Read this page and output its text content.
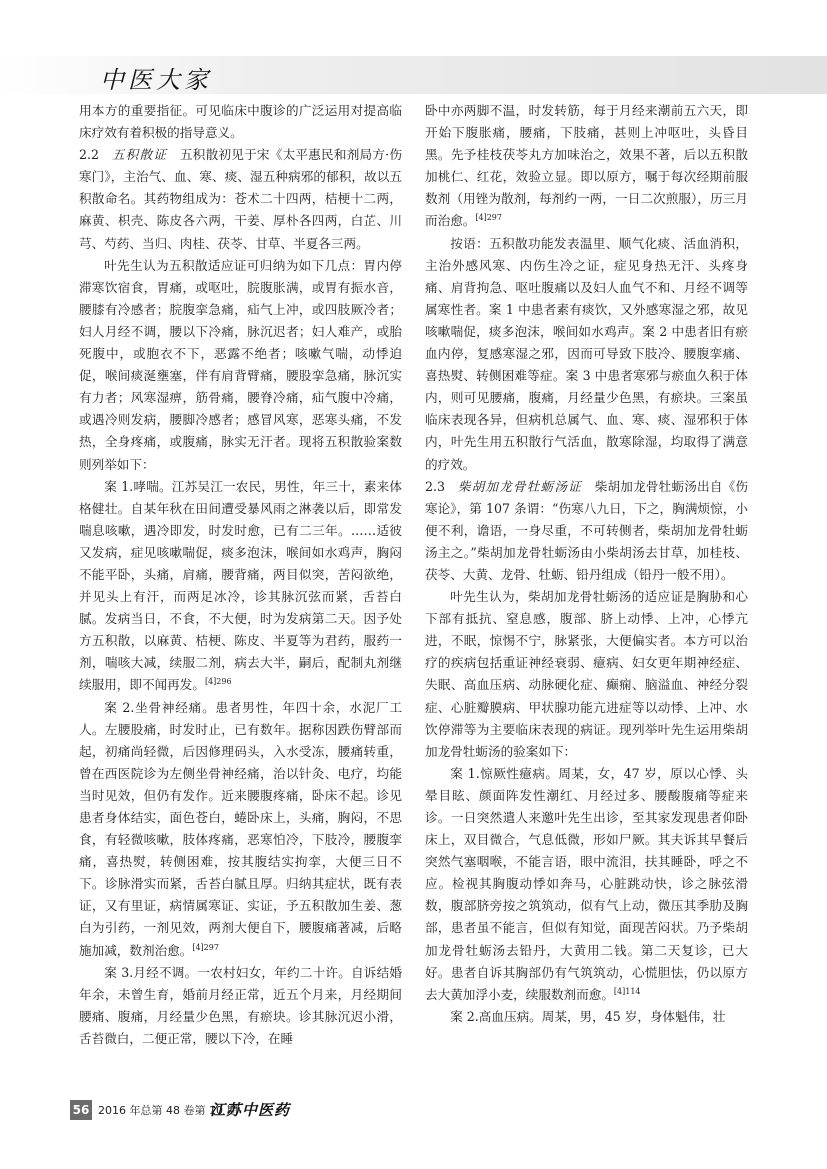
中医大家

用本方的重要指征。可见临床中腹诊的广泛运用对提高临床疗效有着积极的指导意义。

2.2  五积散证  五积散初见于宋《太平惠民和剂局方·伤寒门》，主治气、血、寒、痰、湿五种病邪的郁积，故以五积散命名。其药物组成为：苍术二十四两，桔梗十二两，麻黄、枳壳、陈皮各六两，干姜、厚朴各四两，白芷、川芎、芍药、当归、肉桂、茯苓、甘草、半夏各三两。

叶先生认为五积散适应证可归纳为如下几点：胃内停滞寒饮宿食，胃痛，或呕吐，脘腹胀满，或胃有振水音，腰膝有冷感者；脘腹挛急痛，疝气上冲，或四肢厥冷者；妇人月经不调，腰以下冷痛，脉沉迟者；妇人难产，或胎死腹中，或胞衣不下，恶露不绝者；咳嗽气喘，动悸迫促，喉间痰涎壅塞，伴有肩背臂痛，腰股挛急痛，脉沉实有力者；风寒湿痹，筋骨痛，腰脊冷痛，疝气腹中冷痛，或遇冷则发病，腰脚冷感者；感冒风寒，恶寒头痛，不发热，全身疼痛，或腹痛，脉实无汗者。现将五积散验案数则列举如下：

案 1.哮喘。江苏吴江一农民，男性，年三十，素来体格健壮。自某年秋在田间遭受暴风雨之淋袭以后，即常发喘息咳嗽，遇冷即发，时发时愈，已有二三年。……适彼又发病，症见咳嗽喘促，痰多泡沫，喉间如水鸡声，胸闷不能平卧，头痛，肩痛，腰背痛，两目似突，苦闷欲绝，并见头上有汗，而两足冰冷，诊其脉沉弦而紧，舌苔白腻。发病当日，不食，不大便，时为发病第二天。因予处方五积散，以麻黄、桔梗、陈皮、半夏等为君药，服药一剂，喘咳大减，续服二剂，病去大半，嗣后，配制丸剂继续服用，即不闻再发。$^{[4]296}$

案 2.坐骨神经痛。患者男性，年四十余，水泥厂工人。左腰股痛，时发时止，已有数年。据称因跌伤臂部而起，初痛尚轻微，后因修理码头，入水受冻，腰痛转重，曾在西医院诊为左侧坐骨神经痛，治以针灸、电疗，均能当时见效，但仍有发作。近来腰腹疼痛，卧床不起。诊见患者身体结实，面色苍白，蜷卧床上，头痛，胸闷，不思食，有轻微咳嗽，肢体疼痛，恶寒怕冷，下肢冷，腰腹挛痛，喜热熨，转侧困难，按其腹结实拘挛，大便三日不下。诊脉滑实而紧，舌苔白腻且厚。归纳其症状，既有表证，又有里证，病情属寒证、实证，予五积散加生姜、葱白为引药，一剂见效，两剂大便自下，腰腹痛著减，后略施加减，数剂治愈。$^{[4]297}$

案 3.月经不调。一农村妇女，年约二十许。自诉结婚年余，未曾生育，婚前月经正常，近五个月来，月经期间腰痛、腹痛，月经量少色黑，有瘀块。诊其脉沉迟小滑，舌苔微白，二便正常，腰以下冷，在睡

卧中亦两脚不温，时发转筋，每于月经来潮前五六天，即开始下腹胀痛，腰痛，下肢痛，甚则上冲呕吐，头昏目黑。先予桂枝茯苓丸方加味治之，效果不著，后以五积散加桃仁、红花，效验立显。即以原方，嘱于每次经期前服数剂（用锉为散剂，每剂约一两，一日二次煎服），历三月而治愈。$^{[4]297}$

按语：五积散功能发表温里、顺气化痰、活血消积，主治外感风寒、内伤生冷之证，症见身热无汗、头疼身痛、肩背拘急、呕吐腹痛以及妇人血气不和、月经不调等属寒性者。案 1 中患者素有痰饮，又外感寒湿之邪，故见咳嗽喘促，痰多泡沫，喉间如水鸡声。案 2 中患者旧有瘀血内停，复感寒湿之邪，因而可导致下肢冷、腰腹挛痛、喜热熨、转侧困难等症。案 3 中患者寒邪与瘀血久积于体内，则可见腰痛，腹痛，月经量少色黑，有瘀块。三案虽临床表现各异，但病机总属气、血、寒、痰、湿邪积于体内，叶先生用五积散行气活血，散寒除湿，均取得了满意的疗效。

2.3  柴胡加龙骨牡蛎汤证  柴胡加龙骨牡蛎汤出自《伤寒论》，第 107 条谓：“伤寒八九日，下之，胸满烦惊，小便不利，谵语，一身尽重，不可转侧者，柴胡加龙骨牡蛎汤主之。”柴胡加龙骨牡蛎汤由小柴胡汤去甘草，加桂枝、茯苓、大黄、龙骨、牡蛎、铅丹组成（铅丹一般不用）。

叶先生认为，柴胡加龙骨牡蛎汤的适应证是胸胁和心下部有抵抗、窒息感，腹部、脐上动悸、上冲，心悸亢进，不眠，惊惕不宁，脉紧张，大便偏实者。本方可以治疗的疾病包括重证神经衰弱、癔病、妇女更年期神经症、失眠、高血压病、动脉硬化症、癫痫、脑溢血、神经分裂症、心脏瓣膜病、甲状腺功能亢进症等以动悸、上冲、水饮停滞等为主要临床表现的病证。现列举叶先生运用柴胡加龙骨牡蛎汤的验案如下：

案 1.惊厥性癔病。周某，女，47 岁，原以心悸、头晕目眩、颜面阵发性潮红、月经过多、腰酸腹痛等症来诊。一日突然遣人来邀叶先生出诊，至其家发现患者仰卧床上，双目微合，气息低微，形如尸厥。其夫诉其早餐后突然气塞咽喉，不能言语，眼中流泪，扶其睡卧，呼之不应。检视其胸腹动悸如奔马，心脏跳动快，诊之脉弦滑数，腹部脐旁按之筑筑动，似有气上动，微压其季肋及胸部，患者虽不能言，但似有知觉，面现苦闷状。乃予柴胡加龙骨牡蛎汤去铅丹，大黄用二钱。第二天复诊，已大好。患者自诉其胸部仍有气筑筑动，心慌胆怯，仍以原方去大黄加浮小麦，续服数剂而愈。$^{[4]114}$

案 2.高血压病。周某，男，45 岁，身体魁伟，壮

56 2016 年总第 48 卷第 10 期
江苏中医药
